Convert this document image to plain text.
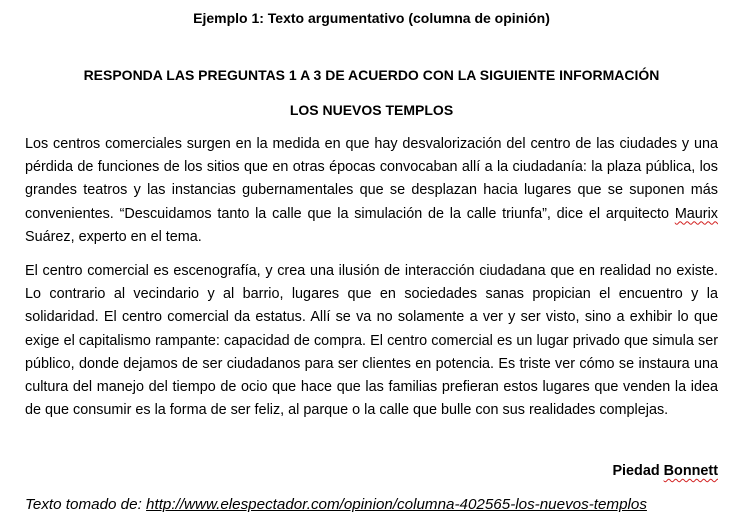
Ejemplo 1: Texto argumentativo (columna de opinión)

RESPONDA LAS PREGUNTAS 1 A 3 DE ACUERDO CON LA SIGUIENTE INFORMACIÓN

LOS NUEVOS TEMPLOS

Los centros comerciales surgen en la medida en que hay desvalorización del centro de las ciudades y una pérdida de funciones de los sitios que en otras épocas convocaban allí a la ciudadanía: la plaza pública, los grandes teatros y las instancias gubernamentales que se desplazan hacia lugares que se suponen más convenientes. “Descuidamos tanto la calle que la simulación de la calle triunfa”, dice el arquitecto Maurix Suárez, experto en el tema.

El centro comercial es escenografía, y crea una ilusión de interacción ciudadana que en realidad no existe. Lo contrario al vecindario y al barrio, lugares que en sociedades sanas propician el encuentro y la solidaridad. El centro comercial da estatus. Allí se va no solamente a ver y ser visto, sino a exhibir lo que exige el capitalismo rampante: capacidad de compra. El centro comercial es un lugar privado que simula ser público, donde dejamos de ser ciudadanos para ser clientes en potencia. Es triste ver cómo se instaura una cultura del manejo del tiempo de ocio que hace que las familias prefieran estos lugares que venden la idea de que consumir es la forma de ser feliz, al parque o la calle que bulle con sus realidades complejas.

Piedad Bonnett

Texto tomado de: http://www.elespectador.com/opinion/columna-402565-los-nuevos-templos
